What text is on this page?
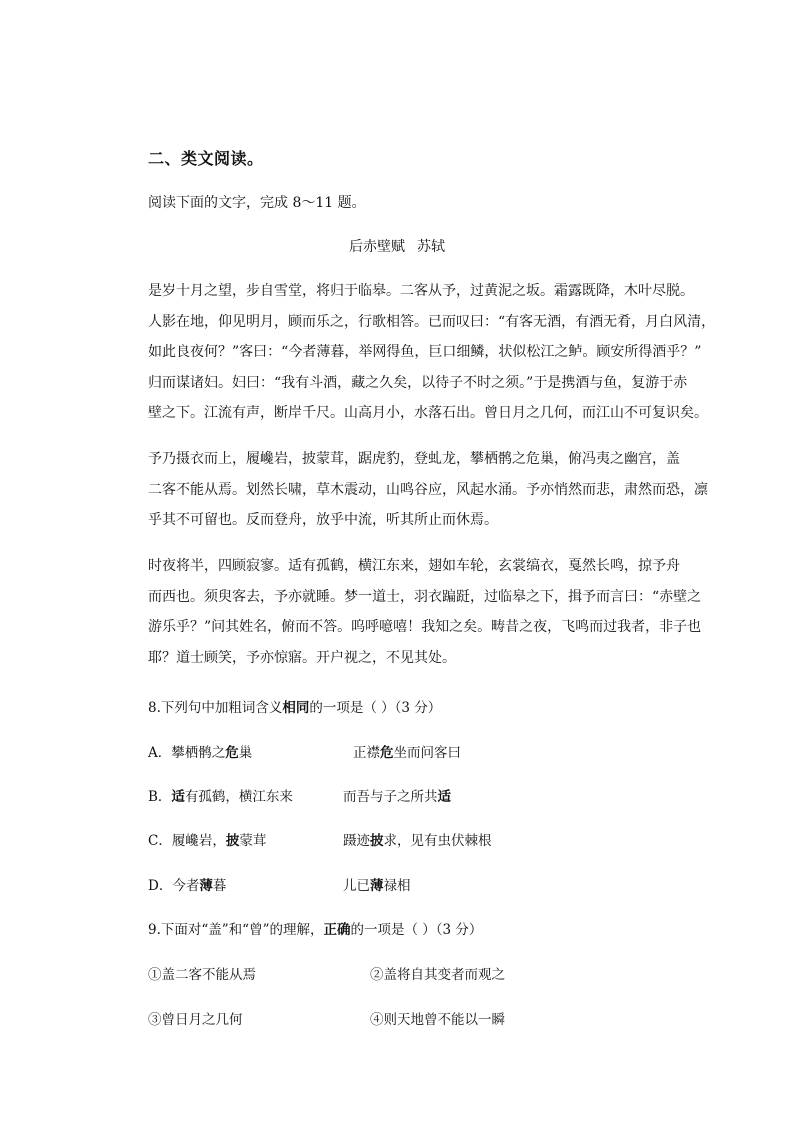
二、类文阅读。
阅读下面的文字，完成 8～11 题。
后赤壁赋 苏轼
是岁十月之望，步自雪堂，将归于临皋。二客从予，过黄泥之坂。霜露既降，木叶尽脱。
人影在地，仰见明月，顾而乐之，行歌相答。已而叹曰：“有客无酒，有酒无肴，月白风清，
如此良夜何？”客曰：“今者薄暮，举网得鱼，巨口细鳞，状似松江之鲈。顾安所得酒乎？”
归而谋诸妇。妇曰：“我有斗酒，藏之久矣，以待子不时之须。”于是携酒与鱼，复游于赤
壁之下。江流有声，断岸千尺。山高月小，水落石出。曾日月之几何，而江山不可复识矣。
予乃摄衣而上，履巉岩，披蒙茸，踞虎豹，登虬龙，攀栖鹘之危巢，俯冯夷之幽宫，盖
二客不能从焉。划然长啸，草木震动，山鸣谷应，风起水涌。予亦悄然而悲，肃然而恐，凛
乎其不可留也。反而登舟，放乎中流，听其所止而休焉。
时夜将半，四顾寂寥。适有孤鹤，横江东来，翅如车轮，玄裳缟衣，戛然长鸣，掠予舟
而西也。须臾客去，予亦就睡。梦一道士，羽衣蹁跹，过临皋之下，揖予而言曰：“赤壁之
游乐乎？”问其姓名，俯而不答。呜呼噫嘻！我知之矣。畴昔之夜，飞鸣而过我者，非子也
耶？道士顾笑，予亦惊寤。开户视之，不见其处。
8.下列句中加粗词含义相同的一项是（ ）（3 分）
A．攀栖鹘之危巢	正襟危坐而问客曰
B．适有孤鹤，横江东来	而吾与子之所共适
C．履巉岩，披蒙茸	蹑迹披求，见有虫伏棘根
D．今者薄暮	儿已薄禄相
9.下面对“盖”和“曾”的理解，正确的一项是（ ）（3 分）
①盖二客不能从焉	②盖将自其变者而观之
③曾日月之几何	④则天地曾不能以一瞬
